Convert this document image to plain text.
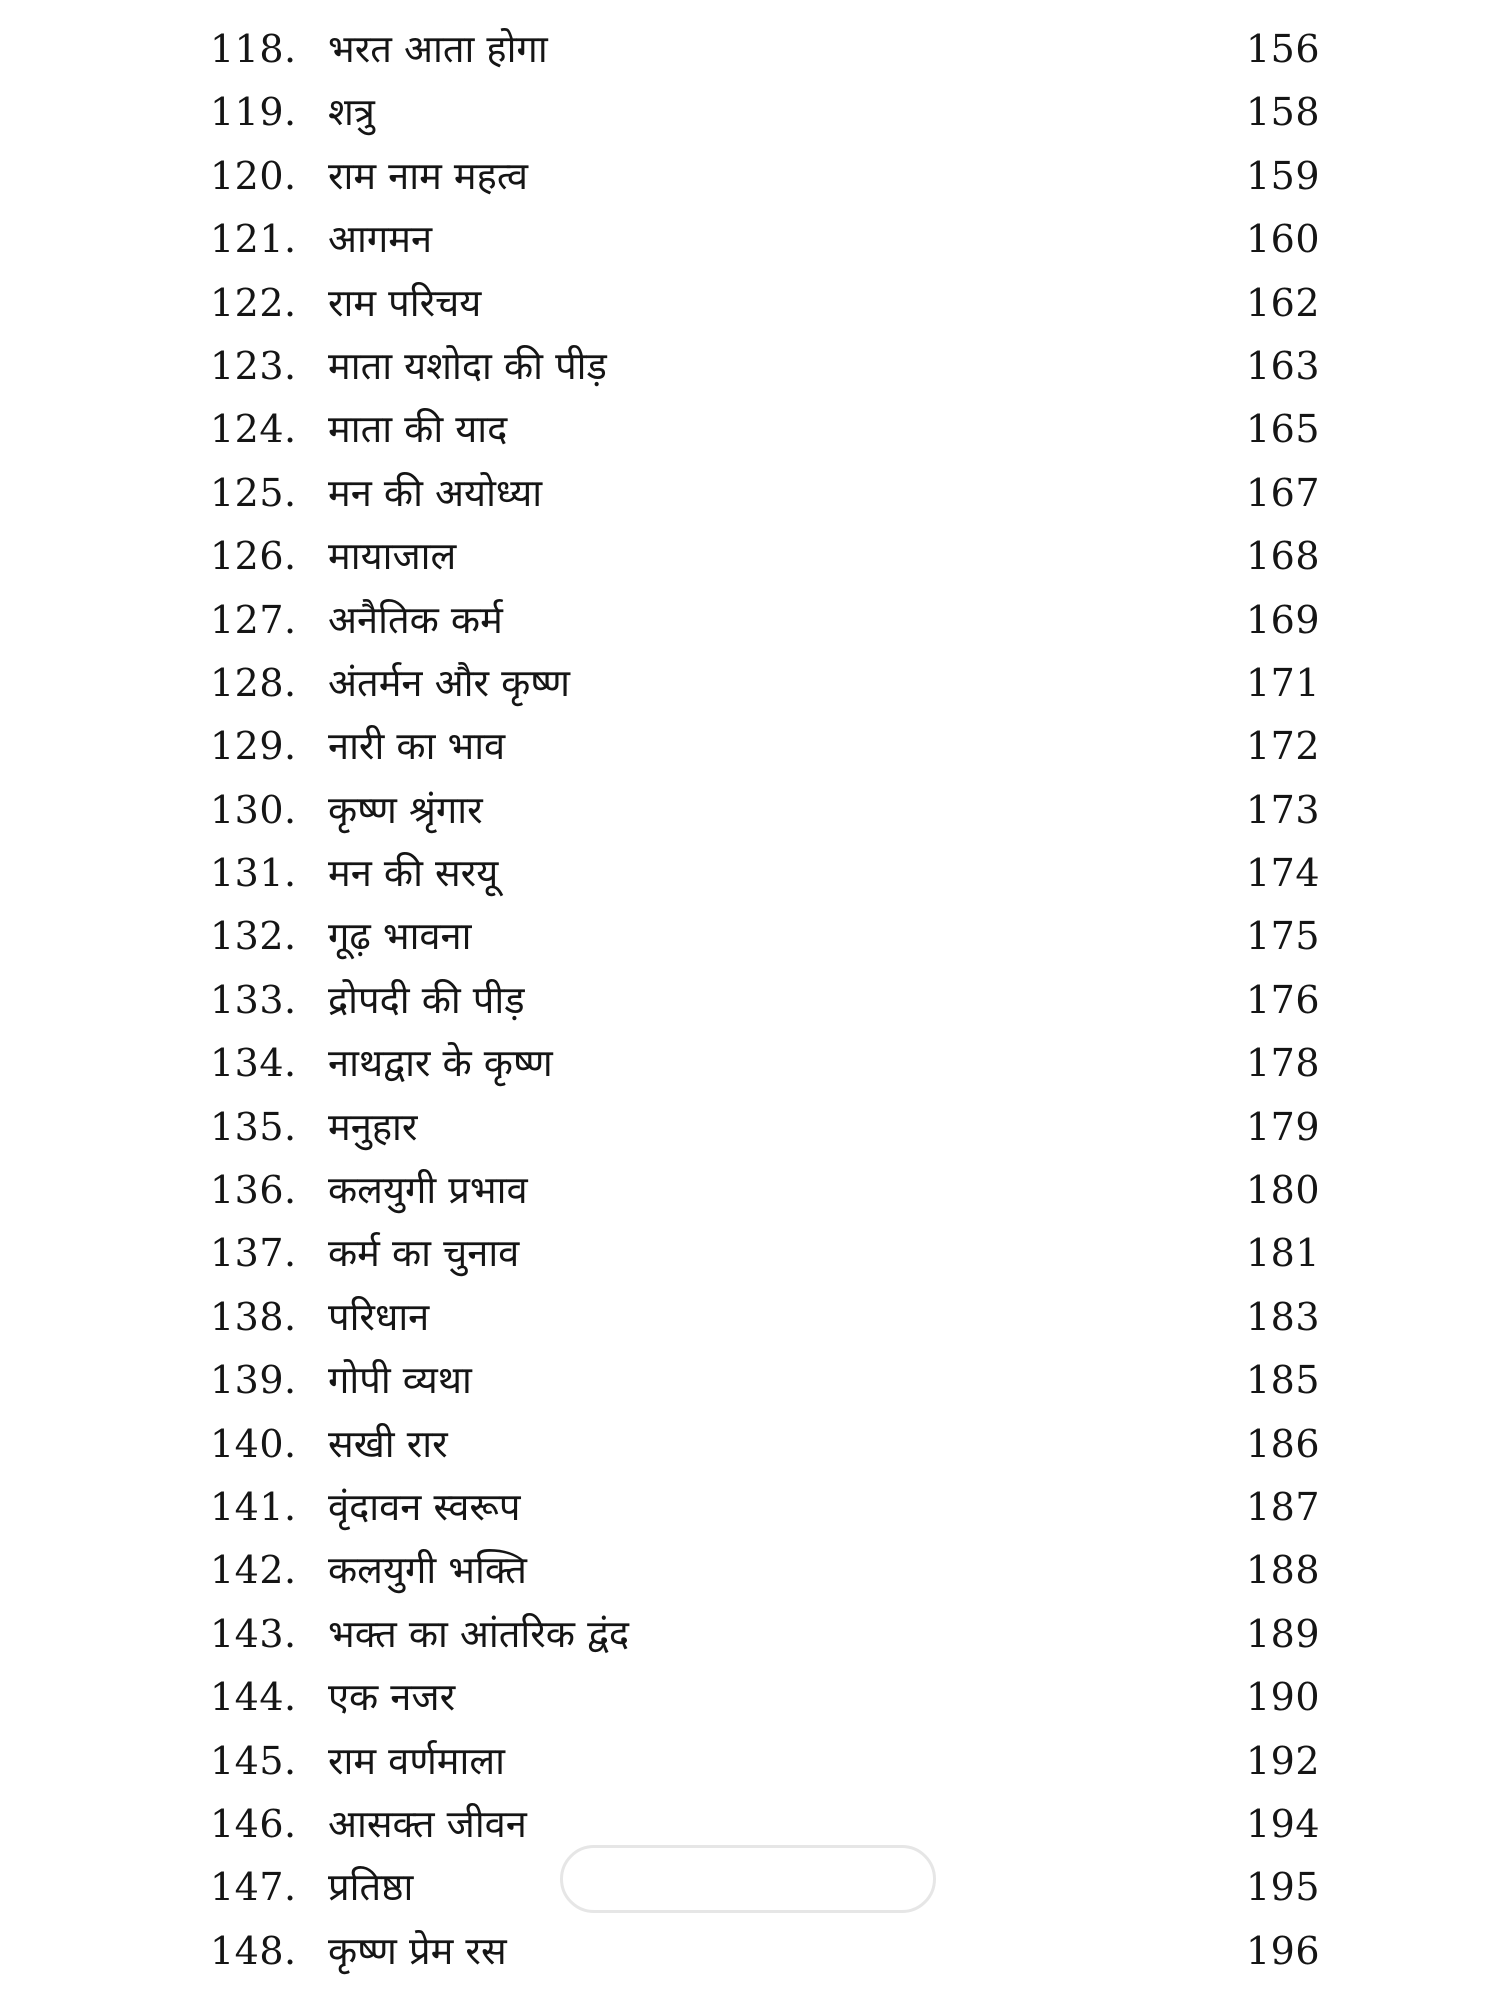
118. भरत आता होगा	156
119. शत्रु	158
120. राम नाम महत्व	159
121. आगमन	160
122. राम परिचय	162
123. माता यशोदा की पीड़	163
124. माता की याद	165
125. मन की अयोध्या	167
126. मायाजाल	168
127. अनैतिक कर्म	169
128. अंतर्मन और कृष्ण	171
129. नारी का भाव	172
130. कृष्ण श्रृंगार	173
131. मन की सरयू	174
132. गूढ़ भावना	175
133. द्रोपदी की पीड़	176
134. नाथद्वार के कृष्ण	178
135. मनुहार	179
136. कलयुगी प्रभाव	180
137. कर्म का चुनाव	181
138. परिधान	183
139. गोपी व्यथा	185
140. सखी रार	186
141. वृंदावन स्वरूप	187
142. कलयुगी भक्ति	188
143. भक्त का आंतरिक द्वंद	189
144. एक नजर	190
145. राम वर्णमाला	192
146. आसक्त जीवन	194
147. प्रतिष्ठा	195
148. कृष्ण प्रेम रस	196
